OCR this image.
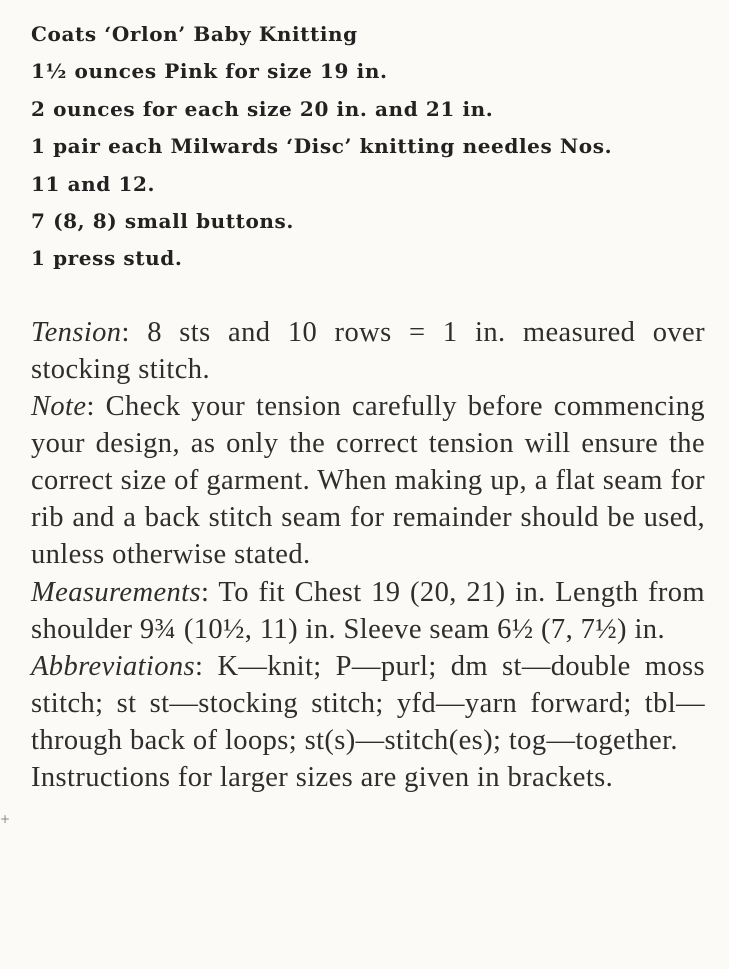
Coats ‘Orlon’ Baby Knitting
1½ ounces Pink for size 19 in.
2 ounces for each size 20 in. and 21 in.
1 pair each Milwards ‘Disc’ knitting needles Nos.
11 and 12.
7 (8, 8) small buttons.
1 press stud.
Tension: 8 sts and 10 rows = 1 in. measured over stocking stitch.
Note: Check your tension carefully before commencing your design, as only the correct tension will ensure the correct size of garment. When making up, a flat seam for rib and a back stitch seam for remainder should be used, unless otherwise stated.
Measurements: To fit Chest 19 (20, 21) in. Length from shoulder 9¾ (10½, 11) in. Sleeve seam 6½ (7, 7½) in.
Abbreviations: K—knit; P—purl; dm st—double moss stitch; st st—stocking stitch; yfd—yarn forward; tbl—through back of loops; st(s)—stitch(es); tog—together.
Instructions for larger sizes are given in brackets.
+
